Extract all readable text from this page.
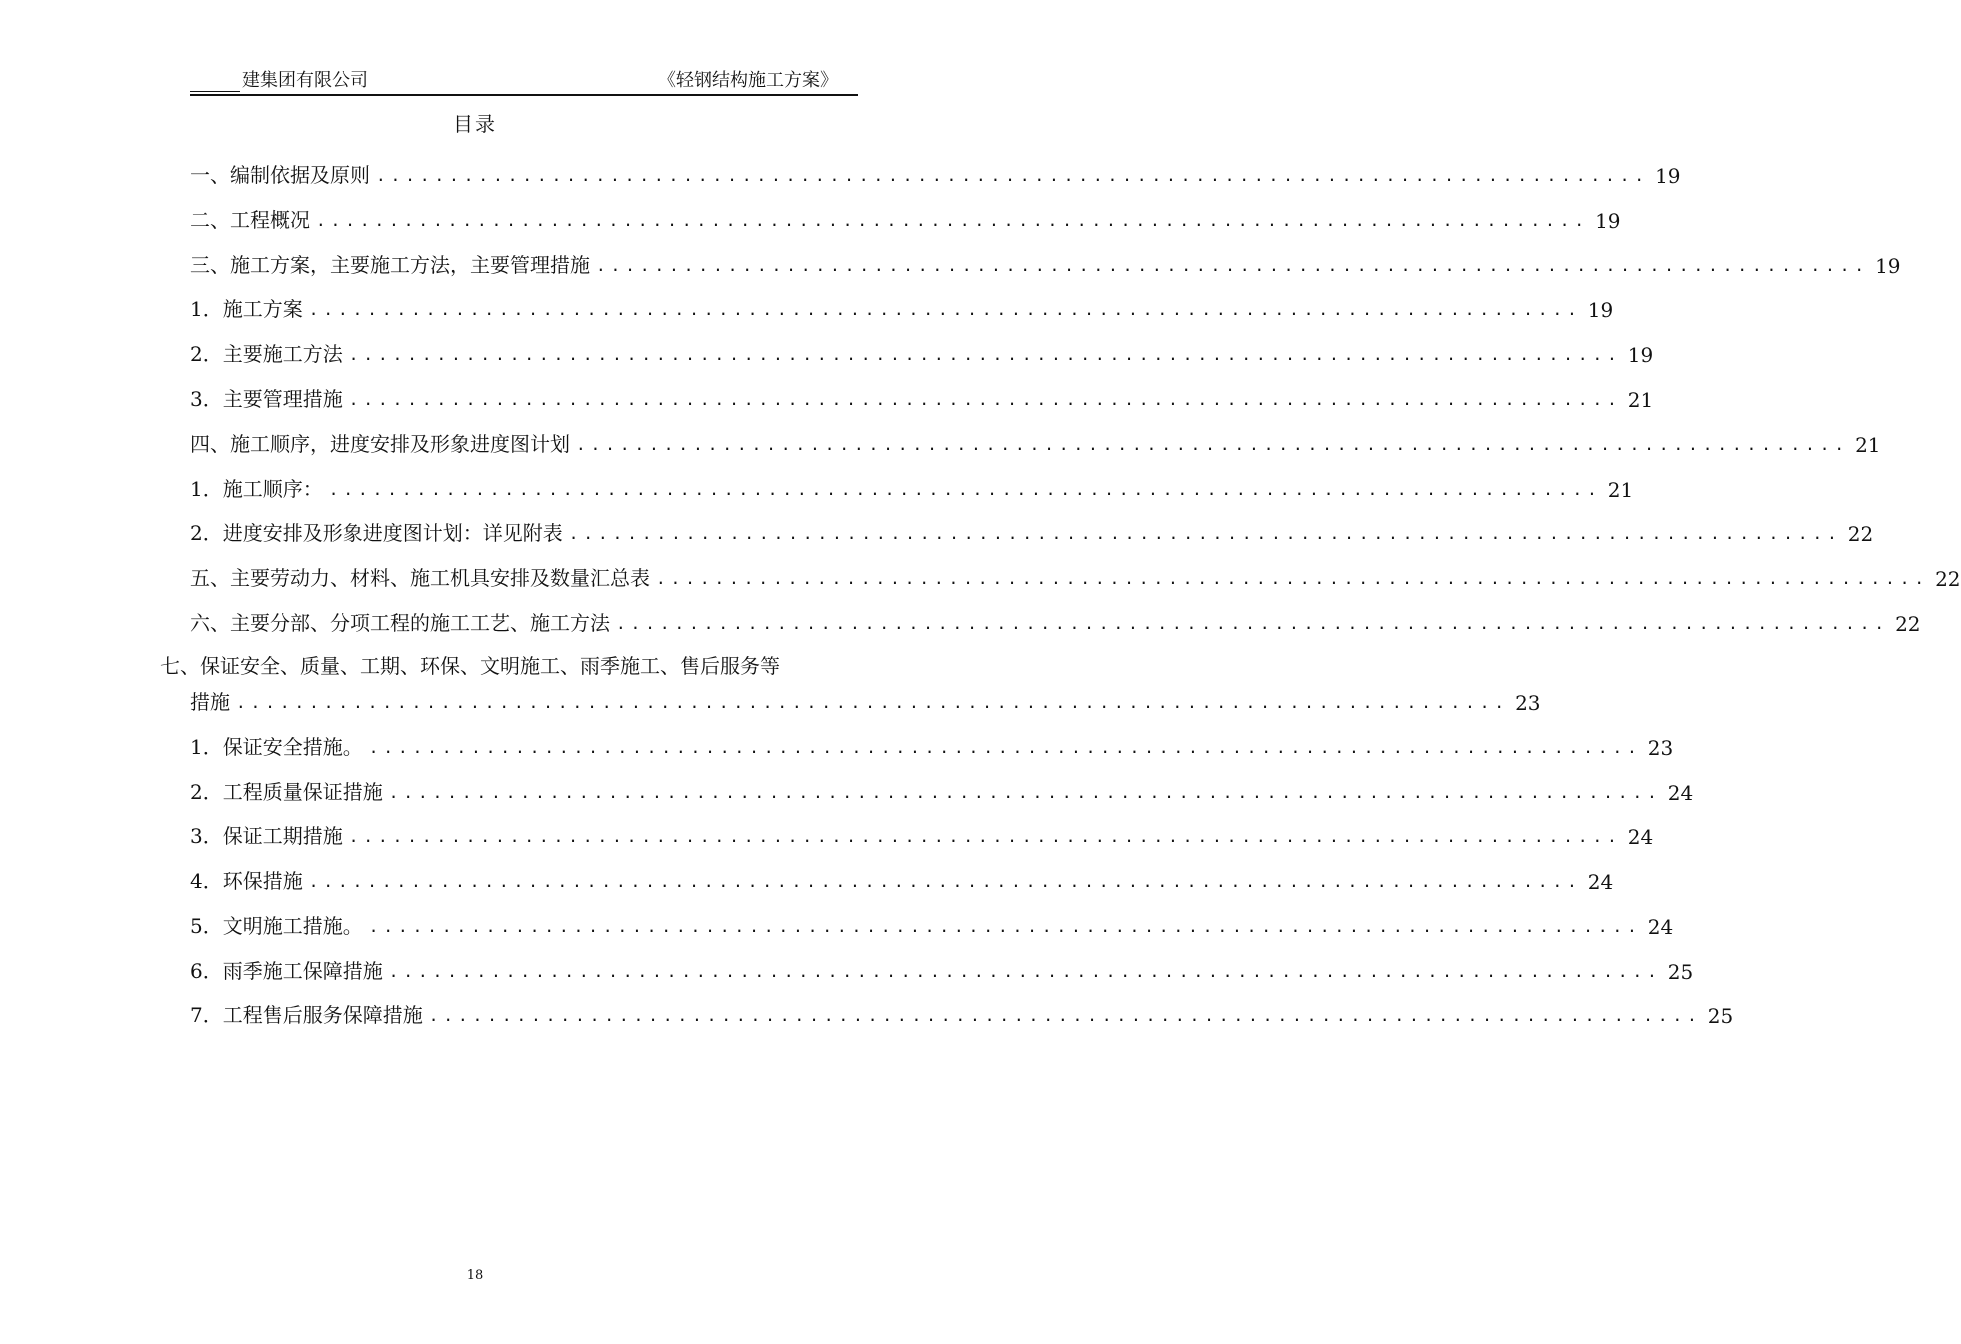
建集团有限公司	《轻钢结构施工方案》
目录
七、保证安全、质量、工期、环保、文明施工、雨季施工、售后服务等
一、编制依据及原则 ....................................................................................... 19
二、工程概况 ....................................................................................... 19
三、施工方案，主要施工方法，主要管理措施 ....................................................................................... 19
1．施工方案 ....................................................................................... 19
2．主要施工方法 ....................................................................................... 19
3．主要管理措施 ....................................................................................... 21
四、施工顺序，进度安排及形象进度图计划 ....................................................................................... 21
1．施工顺序： ....................................................................................... 21
2．进度安排及形象进度图计划：详见附表 ....................................................................................... 22
五、主要劳动力、材料、施工机具安排及数量汇总表 ....................................................................................... 22
六、主要分部、分项工程的施工工艺、施工方法 ....................................................................................... 22
措施 ....................................................................................... 23
1．保证安全措施。 ....................................................................................... 23
2．工程质量保证措施 ....................................................................................... 24
3．保证工期措施 ....................................................................................... 24
4．环保措施 ....................................................................................... 24
5．文明施工措施。 ....................................................................................... 24
6．雨季施工保障措施 ....................................................................................... 25
7．工程售后服务保障措施 ....................................................................................... 25
18
